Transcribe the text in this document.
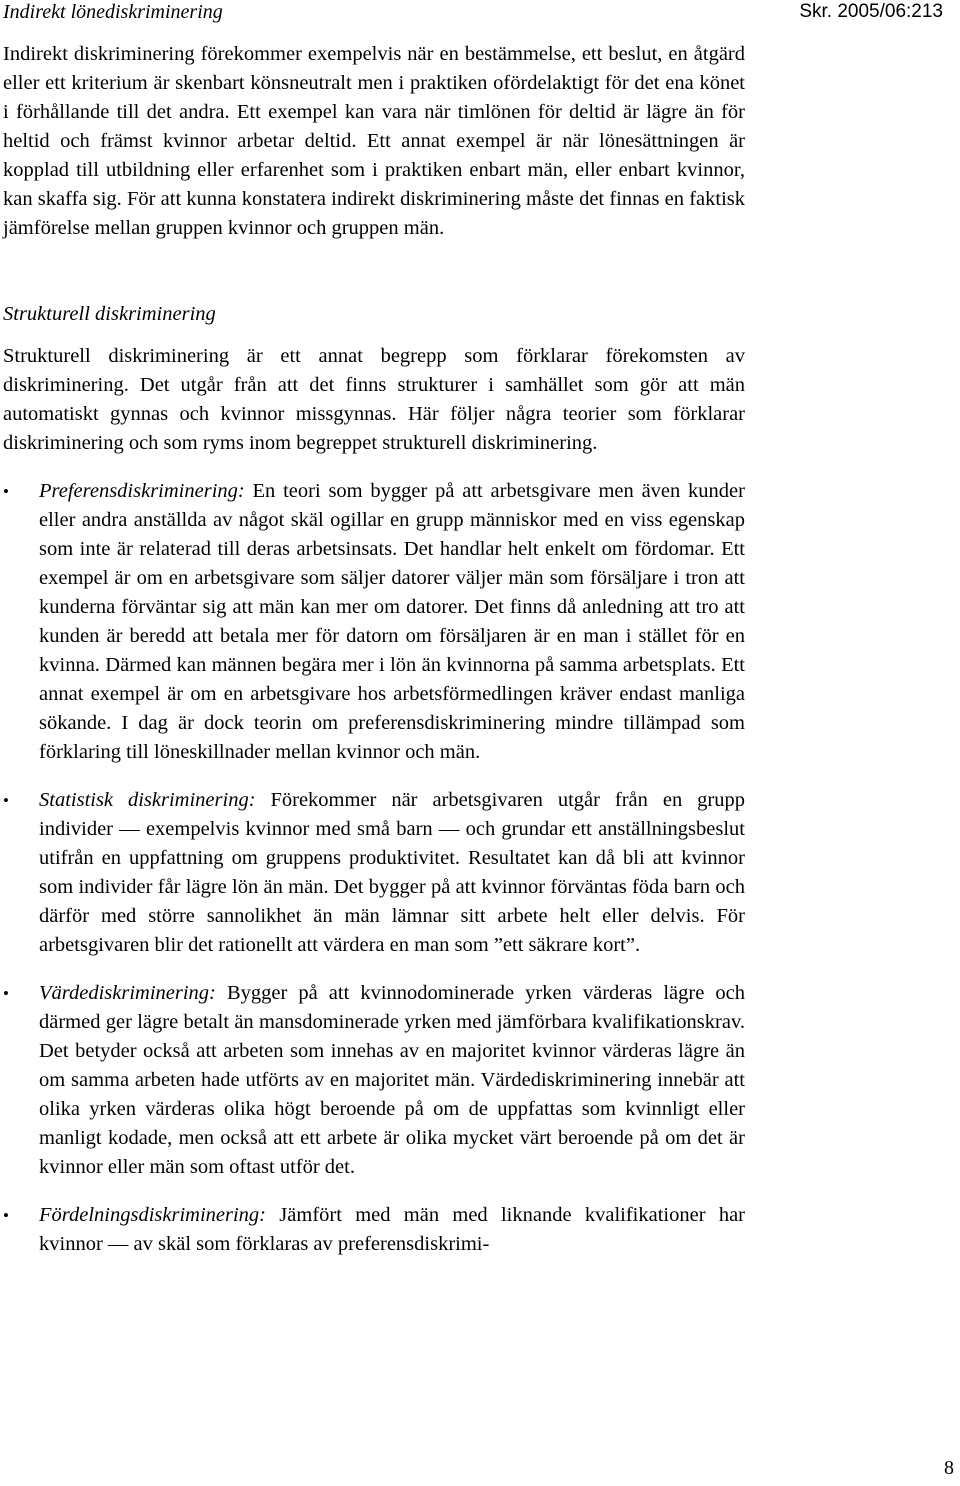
Indirekt lönediskriminering	Skr. 2005/06:213

Indirekt diskriminering förekommer exempelvis när en bestämmelse, ett beslut, en åtgärd eller ett kriterium är skenbart könsneutralt men i praktiken ofördelaktigt för det ena könet i förhållande till det andra. Ett exempel kan vara när timlönen för deltid är lägre än för heltid och främst kvinnor arbetar deltid. Ett annat exempel är när lönesättningen är kopplad till utbildning eller erfarenhet som i praktiken enbart män, eller enbart kvinnor, kan skaffa sig. För att kunna konstatera indirekt diskriminering måste det finnas en faktisk jämförelse mellan gruppen kvinnor och gruppen män.

Strukturell diskriminering

Strukturell diskriminering är ett annat begrepp som förklarar förekomsten av diskriminering. Det utgår från att det finns strukturer i samhället som gör att män automatiskt gynnas och kvinnor missgynnas. Här följer några teorier som förklarar diskriminering och som ryms inom begreppet strukturell diskriminering.

•	Preferensdiskriminering: En teori som bygger på att arbetsgivare men även kunder eller andra anställda av något skäl ogillar en grupp människor med en viss egenskap som inte är relaterad till deras arbetsinsats. Det handlar helt enkelt om fördomar. Ett exempel är om en arbetsgivare som säljer datorer väljer män som försäljare i tron att kunderna förväntar sig att män kan mer om datorer. Det finns då anledning att tro att kunden är beredd att betala mer för datorn om försäljaren är en man i stället för en kvinna. Därmed kan männen begära mer i lön än kvinnorna på samma arbetsplats. Ett annat exempel är om en arbetsgivare hos arbetsförmedlingen kräver endast manliga sökande. I dag är dock teorin om preferensdiskriminering mindre tillämpad som förklaring till löneskillnader mellan kvinnor och män.
•	Statistisk diskriminering: Förekommer när arbetsgivaren utgår från en grupp individer — exempelvis kvinnor med små barn — och grundar ett anställningsbeslut utifrån en uppfattning om gruppens produktivitet. Resultatet kan då bli att kvinnor som individer får lägre lön än män. Det bygger på att kvinnor förväntas föda barn och därför med större sannolikhet än män lämnar sitt arbete helt eller delvis. För arbetsgivaren blir det rationellt att värdera en man som ”ett säkrare kort”.
•	Värdediskriminering: Bygger på att kvinnodominerade yrken värderas lägre och därmed ger lägre betalt än mansdominerade yrken med jämförbara kvalifikationskrav. Det betyder också att arbeten som innehas av en majoritet kvinnor värderas lägre än om samma arbeten hade utförts av en majoritet män. Värdediskriminering innebär att olika yrken värderas olika högt beroende på om de uppfattas som kvinnligt eller manligt kodade, men också att ett arbete är olika mycket värt beroende på om det är kvinnor eller män som oftast utför det.
•	Fördelningsdiskriminering: Jämfört med män med liknande kvalifikationer har kvinnor — av skäl som förklaras av preferensdiskrimi-
8
